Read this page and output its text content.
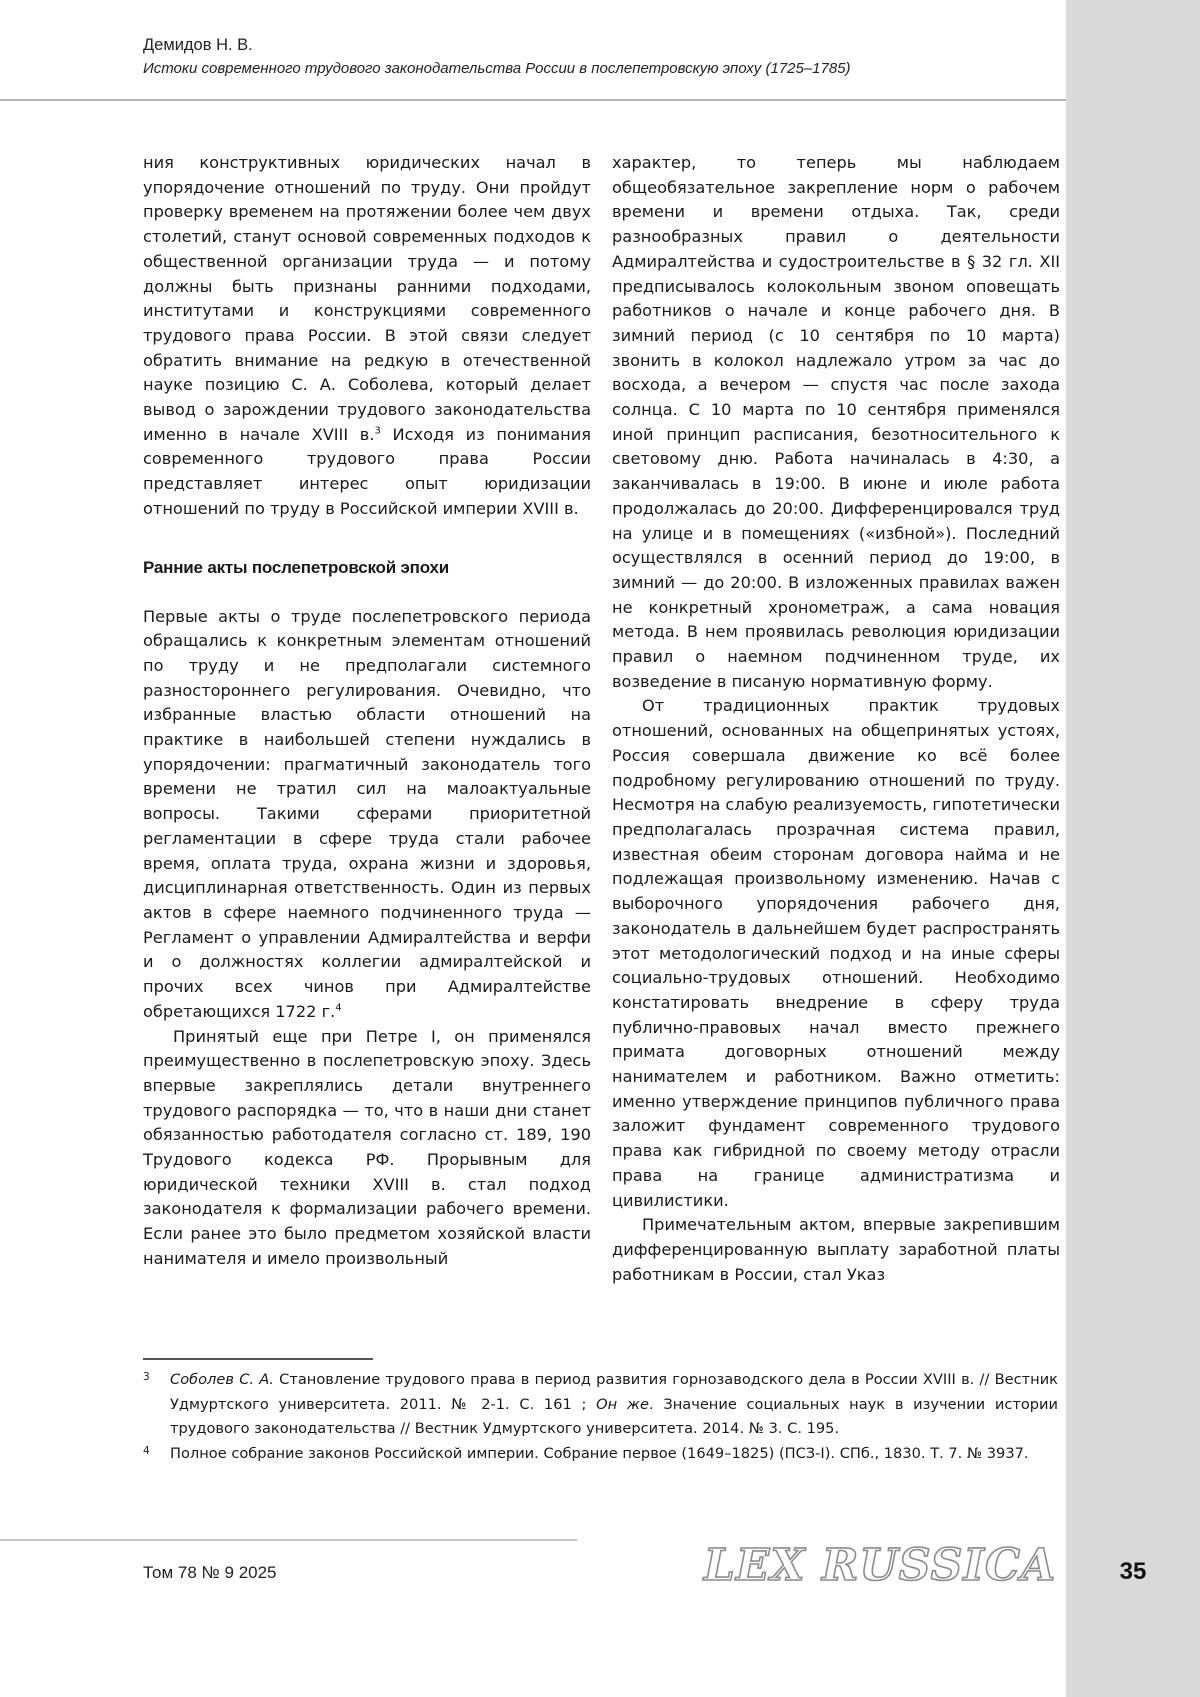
Демидов Н. В.
Истоки современного трудового законодательства России в послепетровскую эпоху (1725–1785)

ния конструктивных юридических начал в упорядочение отношений по труду. Они пройдут проверку временем на протяжении более чем двух столетий, станут основой современных подходов к общественной организации труда — и потому должны быть признаны ранними подходами, институтами и конструкциями современного трудового права России. В этой связи следует обратить внимание на редкую в отечественной науке позицию С. А. Соболева, который делает вывод о зарождении трудового законодательства именно в начале XVIII в.$^3$ Исходя из понимания современного трудового права России представляет интерес опыт юридизации отношений по труду в Российской империи XVIII в.

Ранние акты послепетровской эпохи

Первые акты о труде послепетровского периода обращались к конкретным элементам отношений по труду и не предполагали системного разностороннего регулирования. Очевидно, что избранные властью области отношений на практике в наибольшей степени нуждались в упорядочении: прагматичный законодатель того времени не тратил сил на малоактуальные вопросы. Такими сферами приоритетной регламентации в сфере труда стали рабочее время, оплата труда, охрана жизни и здоровья, дисциплинарная ответственность. Один из первых актов в сфере наемного подчиненного труда — Регламент о управлении Адмиралтейства и верфи и о должностях коллегии адмиралтейской и прочих всех чинов при Адмиралтействе обретающихся 1722 г.$^4$

Принятый еще при Петре I, он применялся преимущественно в послепетровскую эпоху. Здесь впервые закреплялись детали внутреннего трудового распорядка — то, что в наши дни станет обязанностью работодателя согласно ст. 189, 190 Трудового кодекса РФ. Прорывным для юридической техники XVIII в. стал подход законодателя к формализации рабочего времени. Если ранее это было предметом хозяйской власти нанимателя и имело произвольный

характер, то теперь мы наблюдаем общеобязательное закрепление норм о рабочем времени и времени отдыха. Так, среди разнообразных правил о деятельности Адмиралтейства и судостроительстве в § 32 гл. XII предписывалось колокольным звоном оповещать работников о начале и конце рабочего дня. В зимний период (с 10 сентября по 10 марта) звонить в колокол надлежало утром за час до восхода, а вечером — спустя час после захода солнца. С 10 марта по 10 сентября применялся иной принцип расписания, безотносительного к световому дню. Работа начиналась в 4:30, а заканчивалась в 19:00. В июне и июле работа продолжалась до 20:00. Дифференцировался труд на улице и в помещениях («избной»). Последний осуществлялся в осенний период до 19:00, в зимний — до 20:00. В изложенных правилах важен не конкретный хронометраж, а сама новация метода. В нем проявилась революция юридизации правил о наемном подчиненном труде, их возведение в писаную нормативную форму.

От традиционных практик трудовых отношений, основанных на общепринятых устоях, Россия совершала движение ко всё более подробному регулированию отношений по труду. Несмотря на слабую реализуемость, гипотетически предполагалась прозрачная система правил, известная обеим сторонам договора найма и не подлежащая произвольному изменению. Начав с выборочного упорядочения рабочего дня, законодатель в дальнейшем будет распространять этот методологический подход и на иные сферы социально-трудовых отношений. Необходимо констатировать внедрение в сферу труда публично-правовых начал вместо прежнего примата договорных отношений между нанимателем и работником. Важно отметить: именно утверждение принципов публичного права заложит фундамент современного трудового права как гибридной по своему методу отрасли права на границе администратизма и цивилистики.

Примечательным актом, впервые закрепившим дифференцированную выплату заработной платы работникам в России, стал Указ

3 Соболев С. А. Становление трудового права в период развития горнозаводского дела в России XVIII в. // Вестник Удмуртского университета. 2011. № 2-1. С. 161 ; Он же. Значение социальных наук в изучении истории трудового законодательства // Вестник Удмуртского университета. 2014. № 3. С. 195.
4 Полное собрание законов Российской империи. Собрание первое (1649–1825) (ПСЗ-I). СПб., 1830. Т. 7. № 3937.
Том 78 № 9 2025	LEX RUSSICA	35
